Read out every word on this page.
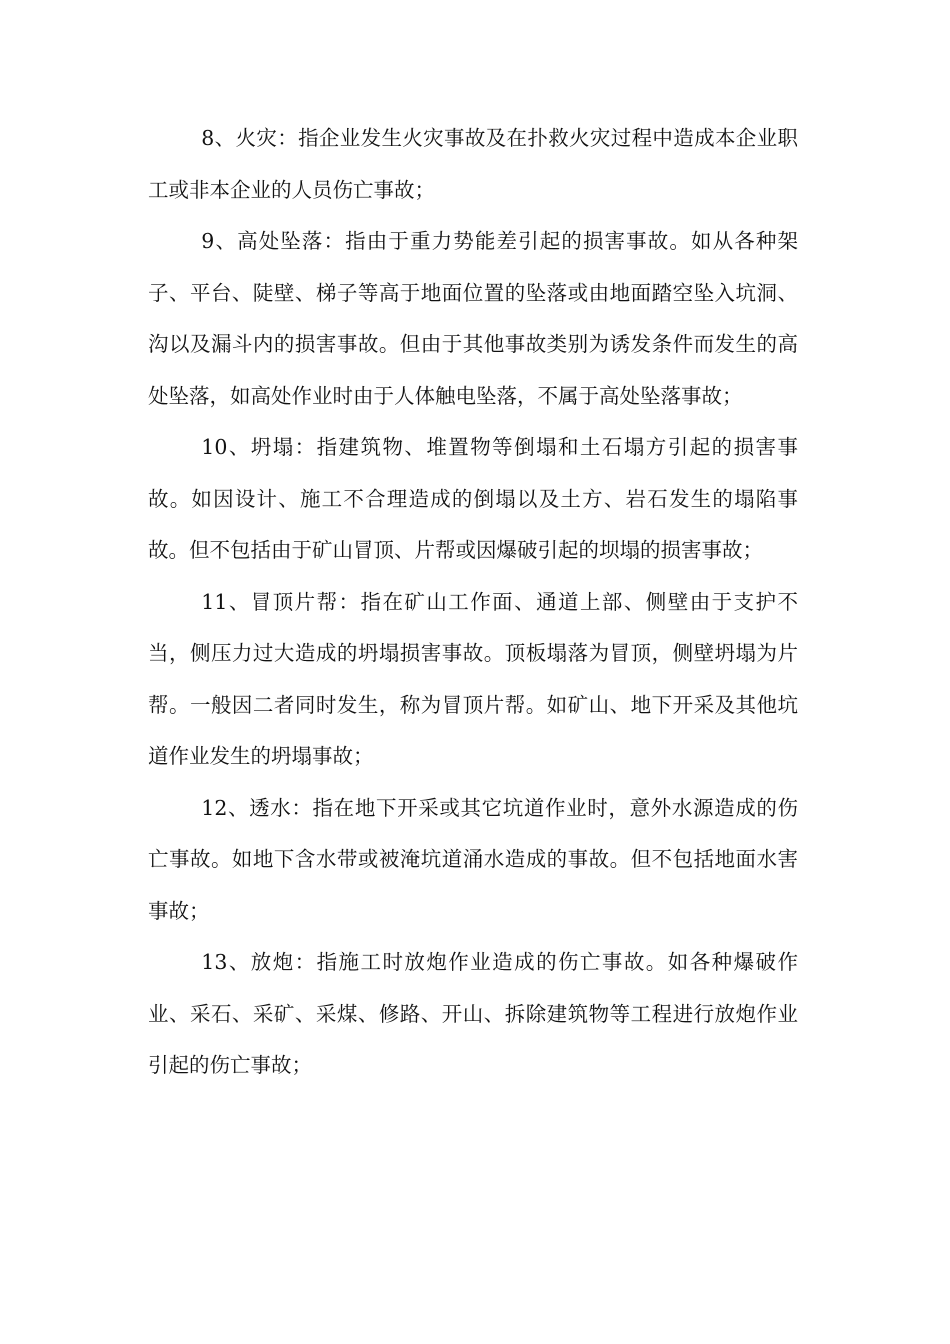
8、火灾：指企业发生火灾事故及在扑救火灾过程中造成本企业职工或非本企业的人员伤亡事故；

9、高处坠落：指由于重力势能差引起的损害事故。如从各种架子、平台、陡壁、梯子等高于地面位置的坠落或由地面踏空坠入坑洞、沟以及漏斗内的损害事故。但由于其他事故类别为诱发条件而发生的高处坠落，如高处作业时由于人体触电坠落，不属于高处坠落事故；

10、坍塌：指建筑物、堆置物等倒塌和土石塌方引起的损害事故。如因设计、施工不合理造成的倒塌以及土方、岩石发生的塌陷事故。但不包括由于矿山冒顶、片帮或因爆破引起的坝塌的损害事故；

11、冒顶片帮：指在矿山工作面、通道上部、侧壁由于支护不当，侧压力过大造成的坍塌损害事故。顶板塌落为冒顶，侧壁坍塌为片帮。一般因二者同时发生，称为冒顶片帮。如矿山、地下开采及其他坑道作业发生的坍塌事故；

12、透水：指在地下开采或其它坑道作业时，意外水源造成的伤亡事故。如地下含水带或被淹坑道涌水造成的事故。但不包括地面水害事故；

13、放炮：指施工时放炮作业造成的伤亡事故。如各种爆破作业、采石、采矿、采煤、修路、开山、拆除建筑物等工程进行放炮作业引起的伤亡事故；
